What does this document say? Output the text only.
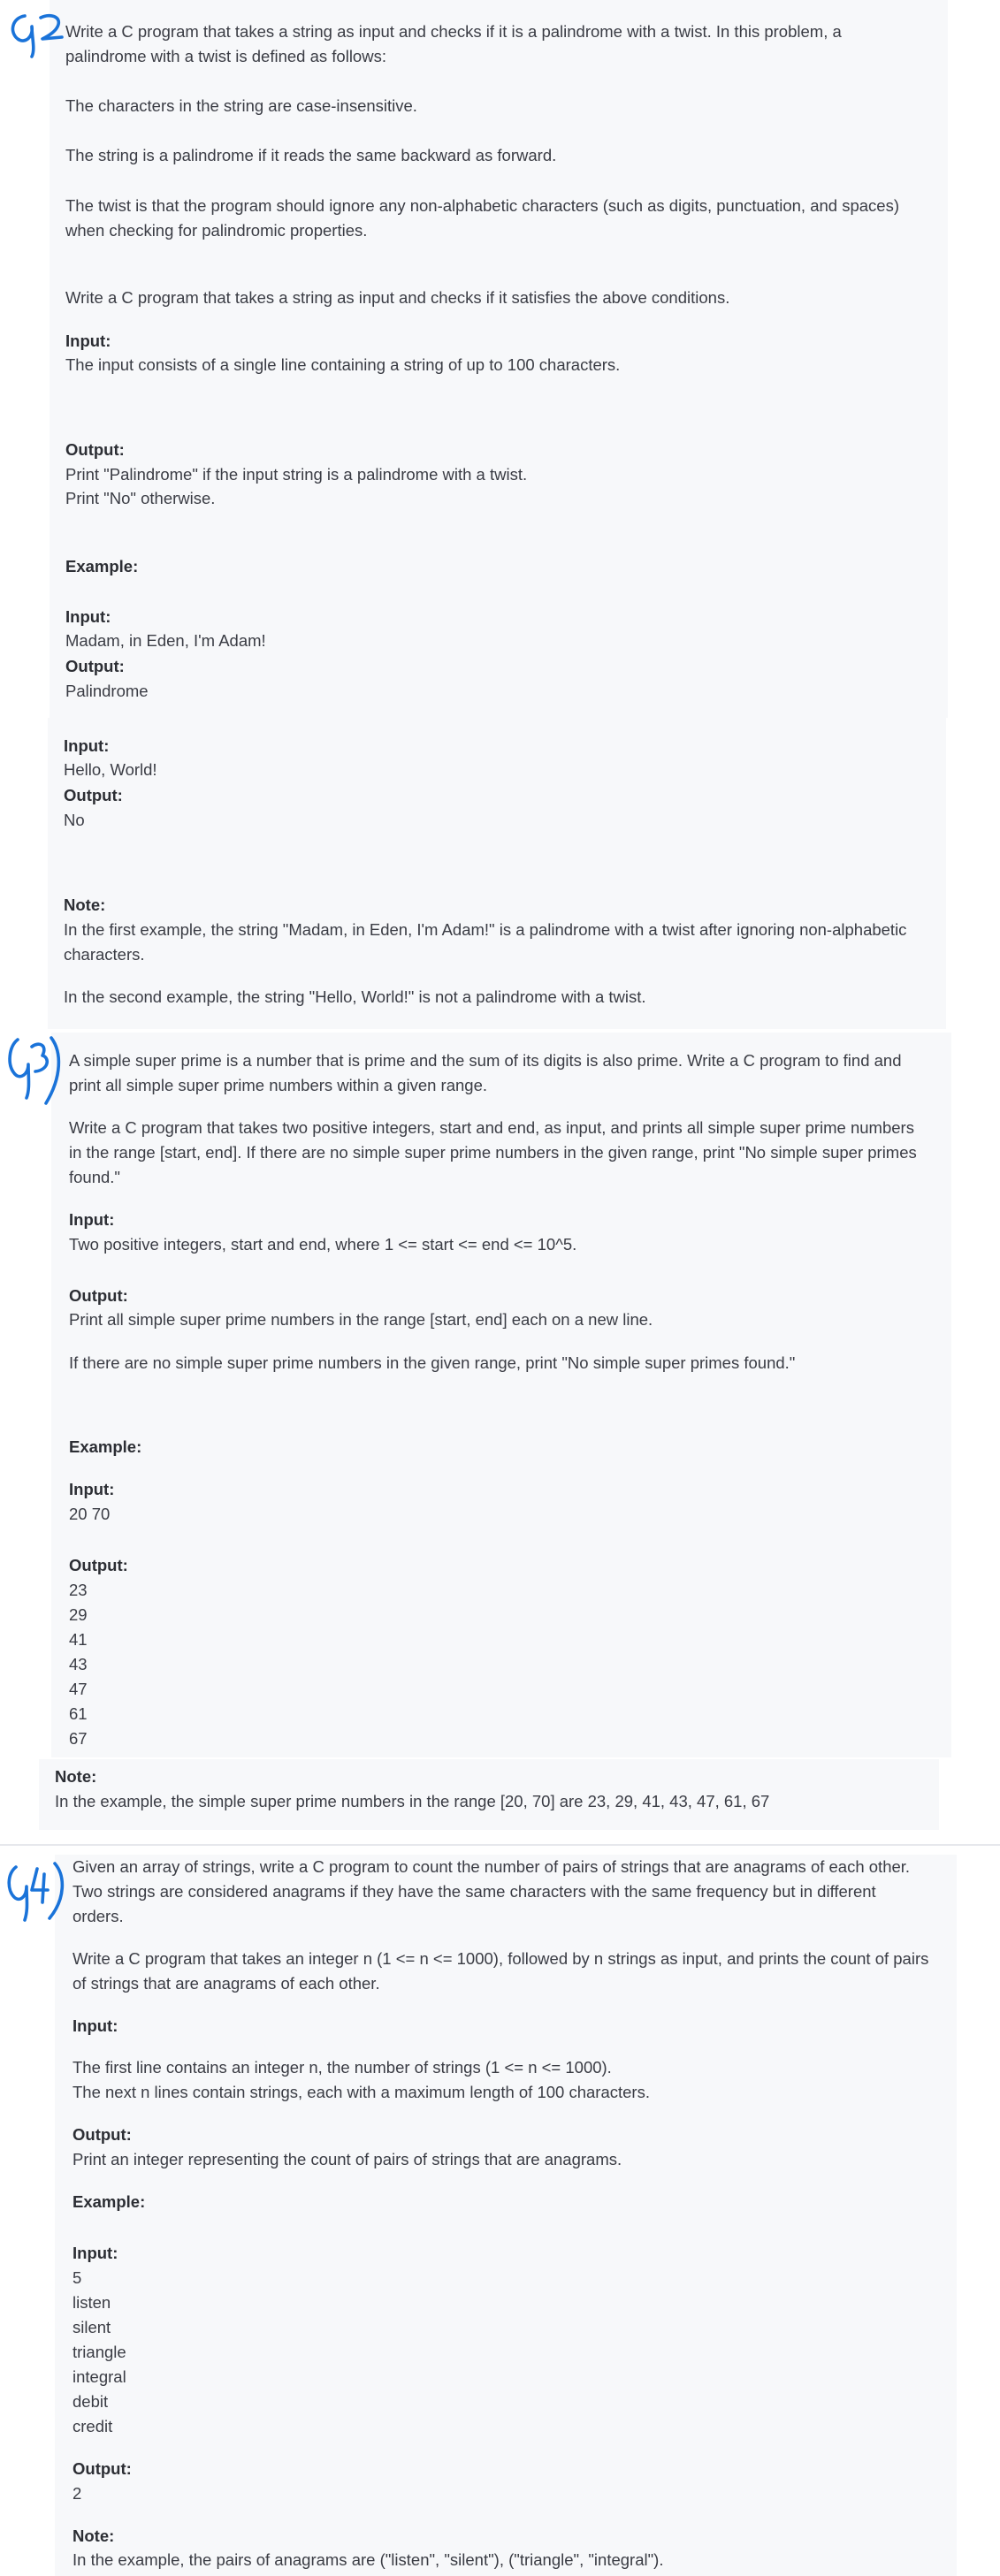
Write a C program that takes a string as input and checks if it is a palindrome with a twist. In this problem, a
palindrome with a twist is defined as follows:
The characters in the string are case-insensitive.
The string is a palindrome if it reads the same backward as forward.
The twist is that the program should ignore any non-alphabetic characters (such as digits, punctuation, and spaces)
when checking for palindromic properties.
Write a C program that takes a string as input and checks if it satisfies the above conditions.
Input:
The input consists of a single line containing a string of up to 100 characters.
Output:
Print "Palindrome" if the input string is a palindrome with a twist.
Print "No" otherwise.
Example:
Input:
Madam, in Eden, I'm Adam!
Output:
Palindrome
Input:
Hello, World!
Output:
No
Note:
In the first example, the string "Madam, in Eden, I'm Adam!" is a palindrome with a twist after ignoring non-alphabetic
characters.
In the second example, the string "Hello, World!" is not a palindrome with a twist.
A simple super prime is a number that is prime and the sum of its digits is also prime. Write a C program to find and
print all simple super prime numbers within a given range.
Write a C program that takes two positive integers, start and end, as input, and prints all simple super prime numbers
in the range [start, end]. If there are no simple super prime numbers in the given range, print "No simple super primes
found."
Input:
Two positive integers, start and end, where 1 <= start <= end <= 10^5.
Output:
Print all simple super prime numbers in the range [start, end] each on a new line.
If there are no simple super prime numbers in the given range, print "No simple super primes found."
Example:
Input:
20 70
Output:
23
29
41
43
47
61
67
Note:
In the example, the simple super prime numbers in the range [20, 70] are 23, 29, 41, 43, 47, 61, 67
Given an array of strings, write a C program to count the number of pairs of strings that are anagrams of each other.
Two strings are considered anagrams if they have the same characters with the same frequency but in different
orders.
Write a C program that takes an integer n (1 <= n <= 1000), followed by n strings as input, and prints the count of pairs
of strings that are anagrams of each other.
Input:
The first line contains an integer n, the number of strings (1 <= n <= 1000).
The next n lines contain strings, each with a maximum length of 100 characters.
Output:
Print an integer representing the count of pairs of strings that are anagrams.
Example:
Input:
5
listen
silent
triangle
integral
debit
credit
Output:
2
Note:
In the example, the pairs of anagrams are ("listen", "silent"), ("triangle", "integral").
